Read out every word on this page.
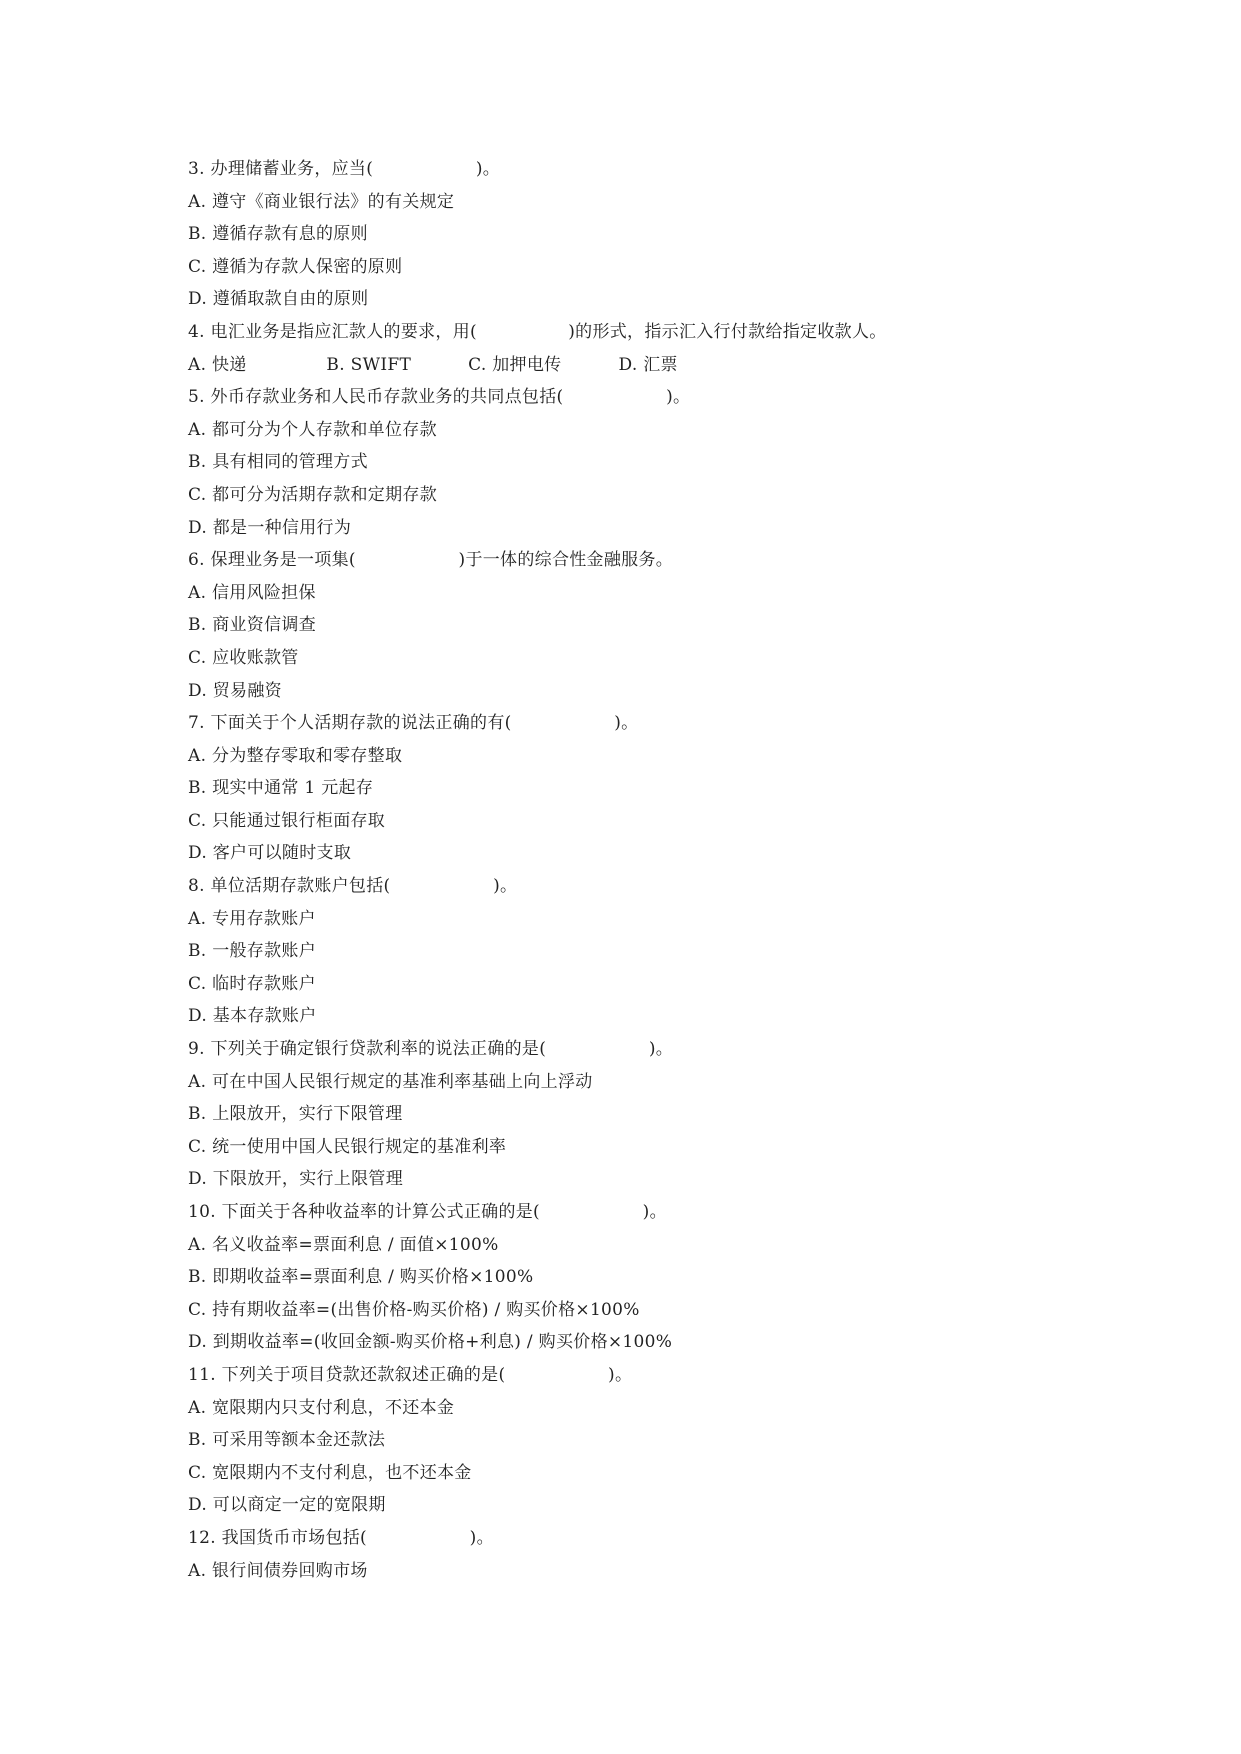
3. 办理储蓄业务，应当(                  )。
A. 遵守《商业银行法》的有关规定
B. 遵循存款有息的原则
C. 遵循为存款人保密的原则
D. 遵循取款自由的原则
4. 电汇业务是指应汇款人的要求，用(                )的形式，指示汇入行付款给指定收款人。
A. 快递              B. SWIFT          C. 加押电传          D. 汇票
5. 外币存款业务和人民币存款业务的共同点包括(                  )。
A. 都可分为个人存款和单位存款
B. 具有相同的管理方式
C. 都可分为活期存款和定期存款
D. 都是一种信用行为
6. 保理业务是一项集(                  )于一体的综合性金融服务。
A. 信用风险担保
B. 商业资信调查
C. 应收账款管
D. 贸易融资
7. 下面关于个人活期存款的说法正确的有(                  )。
A. 分为整存零取和零存整取
B. 现实中通常 1 元起存
C. 只能通过银行柜面存取
D. 客户可以随时支取
8. 单位活期存款账户包括(                  )。
A. 专用存款账户
B. 一般存款账户
C. 临时存款账户
D. 基本存款账户
9. 下列关于确定银行贷款利率的说法正确的是(                  )。
A. 可在中国人民银行规定的基准利率基础上向上浮动
B. 上限放开，实行下限管理
C. 统一使用中国人民银行规定的基准利率
D. 下限放开，实行上限管理
10. 下面关于各种收益率的计算公式正确的是(                  )。
A. 名义收益率=票面利息 / 面值×100%
B. 即期收益率=票面利息 / 购买价格×100%
C. 持有期收益率=(出售价格-购买价格) / 购买价格×100%
D. 到期收益率=(收回金额-购买价格+利息) / 购买价格×100%
11. 下列关于项目贷款还款叙述正确的是(                  )。
A. 宽限期内只支付利息，不还本金
B. 可采用等额本金还款法
C. 宽限期内不支付利息，也不还本金
D. 可以商定一定的宽限期
12. 我国货币市场包括(                  )。
A. 银行间债券回购市场
